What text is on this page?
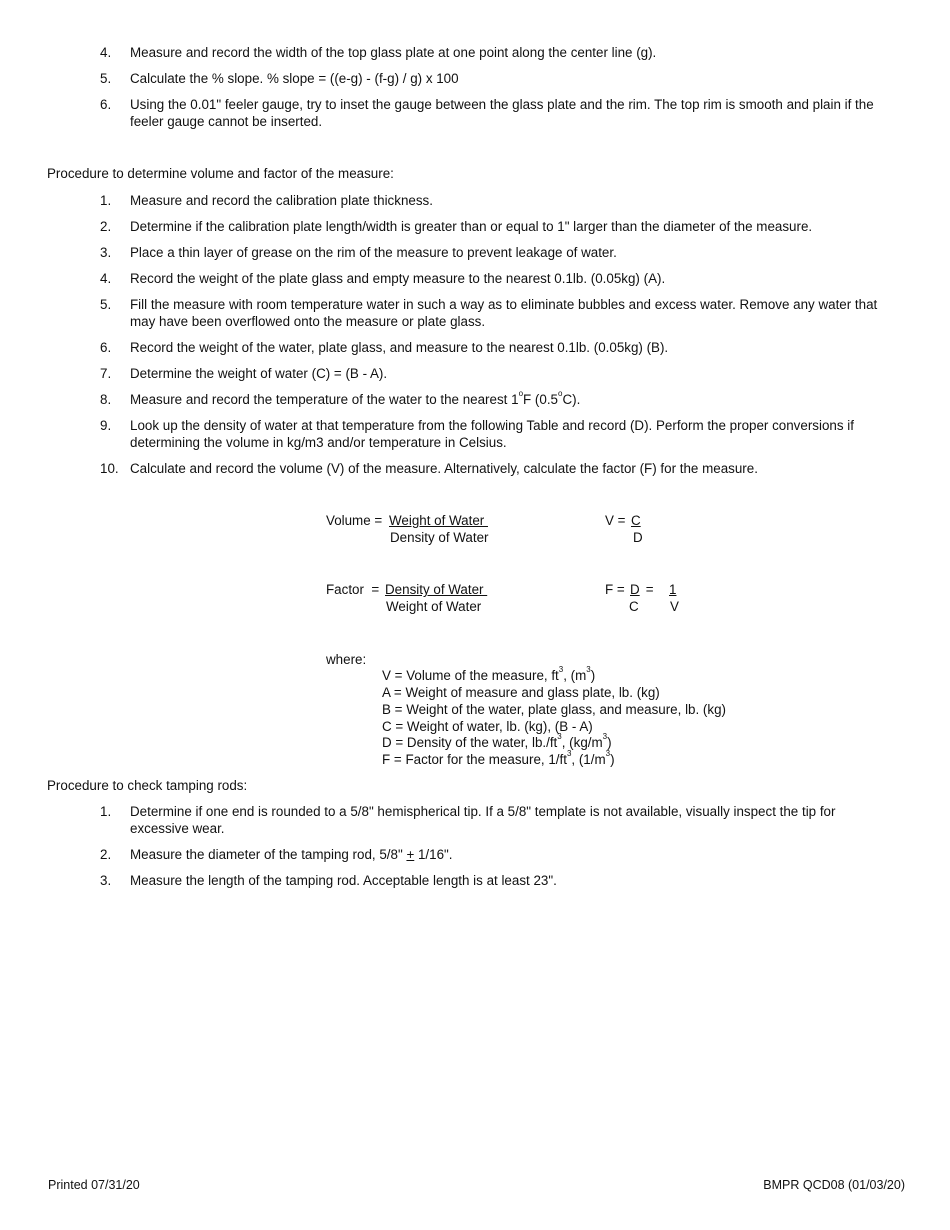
4.	Measure and record the width of the top glass plate at one point along the center line (g).
5.	Calculate the % slope. % slope = ((e-g) - (f-g) / g) x 100
6.	Using the 0.01" feeler gauge, try to inset the gauge between the glass plate and the rim. The top rim is smooth and plain if the feeler gauge cannot be inserted.
Procedure to determine volume and factor of the measure:
1.	Measure and record the calibration plate thickness.
2.	Determine if the calibration plate length/width is greater than or equal to 1" larger than the diameter of the measure.
3.	Place a thin layer of grease on the rim of the measure to prevent leakage of water.
4.	Record the weight of the plate glass and empty measure to the nearest 0.1lb. (0.05kg) (A).
5.	Fill the measure with room temperature water in such a way as to eliminate bubbles and excess water. Remove any water that may have been overflowed onto the measure or plate glass.
6.	Record the weight of the water, plate glass, and measure to the nearest 0.1lb. (0.05kg) (B).
7.	Determine the weight of water (C) = (B - A).
8.	Measure and record the temperature of the water to the nearest 1$^o$F (0.5$^o$C).
9.	Look up the density of water at that temperature from the following Table and record (D). Perform the proper conversions if determining the volume in kg/m3 and/or temperature in Celsius.
10. Calculate and record the volume (V) of the measure. Alternatively, calculate the factor (F) for the measure.
Volume = Weight of Water
Density of Water
V = C
D
Factor  = Density of Water
Weight of Water
F = D = 1
C V
where:
V = Volume of the measure, $ft^3$, $(m^3)$
A = Weight of measure and glass plate, lb. (kg)
B = Weight of the water, plate glass, and measure, lb. (kg)
C = Weight of water, lb. (kg), (B - A)
D = Density of the water, $lb./ft^3$, $(kg/m^3)$
F = Factor for the measure, $1/ft^3$, $(1/m^3)$
Procedure to check tamping rods:
1.	Determine if one end is rounded to a 5/8" hemispherical tip. If a 5/8" template is not available, visually inspect the tip for excessive wear.
2.	Measure the diameter of the tamping rod, 5/8" + 1/16".
3.	Measure the length of the tamping rod. Acceptable length is at least 23".
Printed 07/31/20	BMPR QCD08 (01/03/20)
